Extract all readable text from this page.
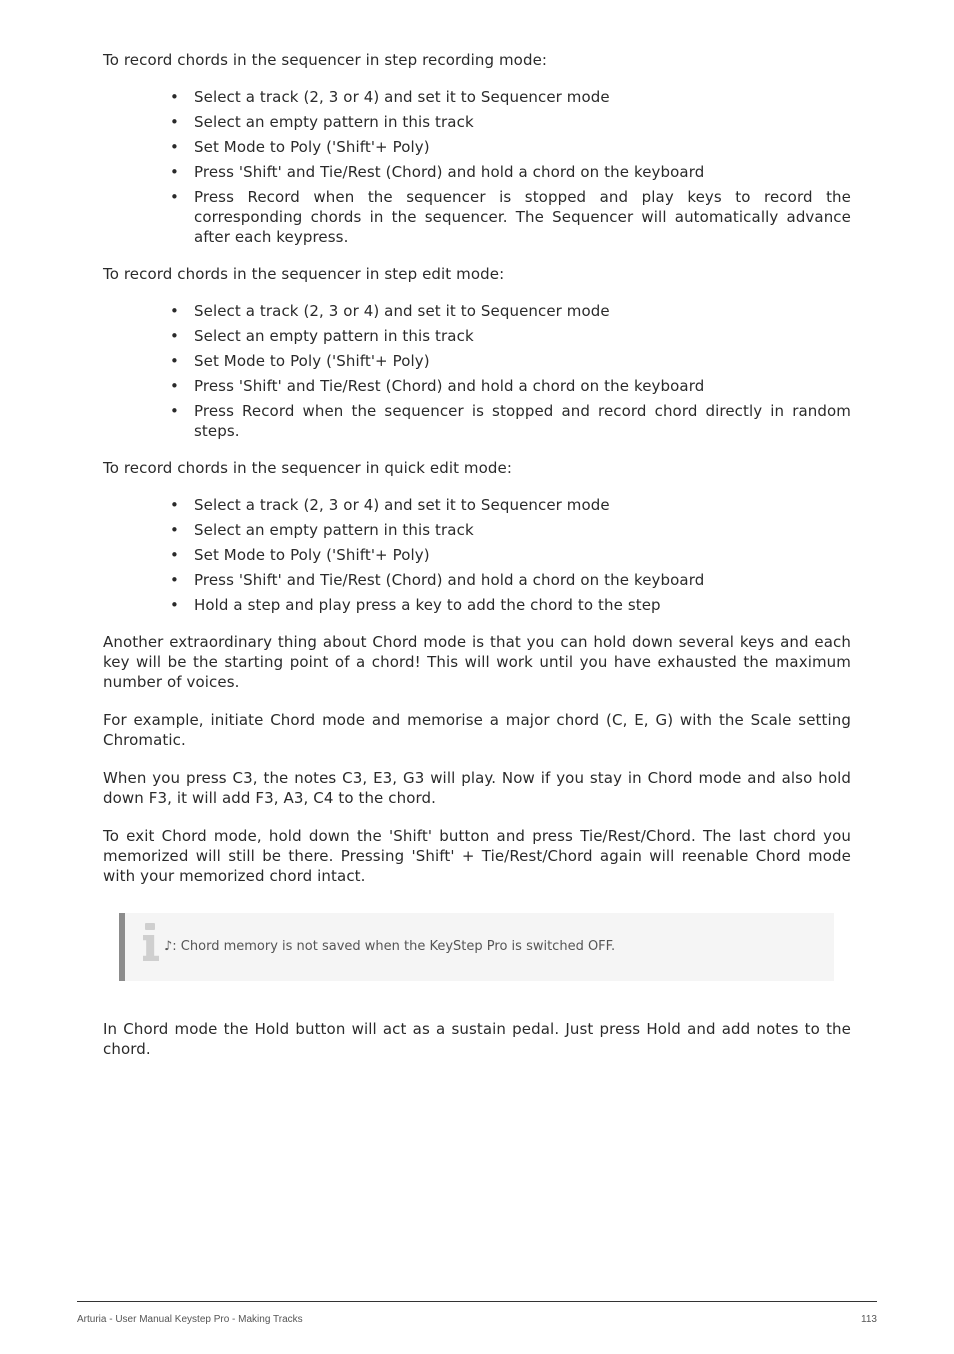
To record chords in the sequencer in step recording mode:

• Select a track (2, 3 or 4) and set it to Sequencer mode
• Select an empty pattern in this track
• Set Mode to Poly ('Shift'+ Poly)
• Press 'Shift' and Tie/Rest (Chord) and hold a chord on the keyboard
• Press Record when the sequencer is stopped and play keys to record the corresponding chords in the sequencer. The Sequencer will automatically advance after each keypress.

To record chords in the sequencer in step edit mode:

• Select a track (2, 3 or 4) and set it to Sequencer mode
• Select an empty pattern in this track
• Set Mode to Poly ('Shift'+ Poly)
• Press 'Shift' and Tie/Rest (Chord) and hold a chord on the keyboard
• Press Record when the sequencer is stopped and record chord directly in random steps.

To record chords in the sequencer in quick edit mode:

• Select a track (2, 3 or 4) and set it to Sequencer mode
• Select an empty pattern in this track
• Set Mode to Poly ('Shift'+ Poly)
• Press 'Shift' and Tie/Rest (Chord) and hold a chord on the keyboard
• Hold a step and play press a key to add the chord to the step

Another extraordinary thing about Chord mode is that you can hold down several keys and each key will be the starting point of a chord! This will work until you have exhausted the maximum number of voices.

For example, initiate Chord mode and memorise a major chord (C, E, G) with the Scale setting Chromatic.

When you press C3, the notes C3, E3, G3 will play. Now if you stay in Chord mode and also hold down F3, it will add F3, A3, C4 to the chord.

To exit Chord mode, hold down the 'Shift' button and press Tie/Rest/Chord. The last chord you memorized will still be there. Pressing 'Shift' + Tie/Rest/Chord again will reenable Chord mode with your memorized chord intact.

♪: Chord memory is not saved when the KeyStep Pro is switched OFF.

In Chord mode the Hold button will act as a sustain pedal. Just press Hold and add notes to the chord.

Arturia - User Manual Keystep Pro - Making Tracks	113
